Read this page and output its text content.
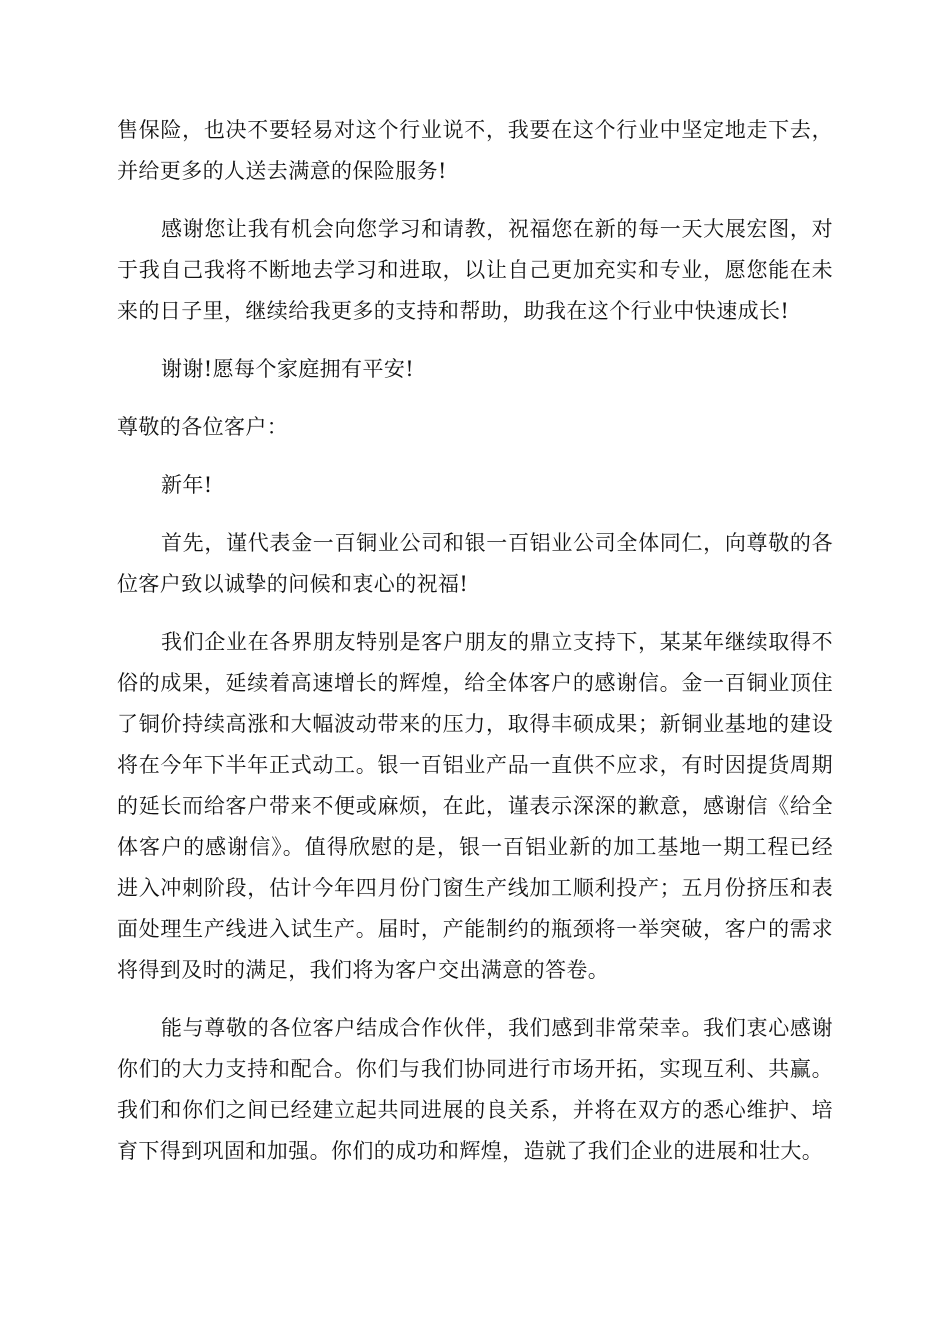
售保险，也决不要轻易对这个行业说不，我要在这个行业中坚定地走下去，并给更多的人送去满意的保险服务!

感谢您让我有机会向您学习和请教，祝福您在新的每一天大展宏图，对于我自己我将不断地去学习和进取，以让自己更加充实和专业，愿您能在未来的日子里，继续给我更多的支持和帮助，助我在这个行业中快速成长!

谢谢!愿每个家庭拥有平安!

尊敬的各位客户：

新年!

首先，谨代表金一百铜业公司和银一百铝业公司全体同仁，向尊敬的各位客户致以诚挚的问候和衷心的祝福!

我们企业在各界朋友特别是客户朋友的鼎立支持下，某某年继续取得不俗的成果，延续着高速增长的辉煌，给全体客户的感谢信。金一百铜业顶住了铜价持续高涨和大幅波动带来的压力，取得丰硕成果；新铜业基地的建设将在今年下半年正式动工。银一百铝业产品一直供不应求，有时因提货周期的延长而给客户带来不便或麻烦，在此，谨表示深深的歉意，感谢信《给全体客户的感谢信》。值得欣慰的是，银一百铝业新的加工基地一期工程已经进入冲刺阶段，估计今年四月份门窗生产线加工顺利投产；五月份挤压和表面处理生产线进入试生产。届时，产能制约的瓶颈将一举突破，客户的需求将得到及时的满足，我们将为客户交出满意的答卷。

能与尊敬的各位客户结成合作伙伴，我们感到非常荣幸。我们衷心感谢你们的大力支持和配合。你们与我们协同进行市场开拓，实现互利、共赢。我们和你们之间已经建立起共同进展的良关系，并将在双方的悉心维护、培育下得到巩固和加强。你们的成功和辉煌，造就了我们企业的进展和壮大。
